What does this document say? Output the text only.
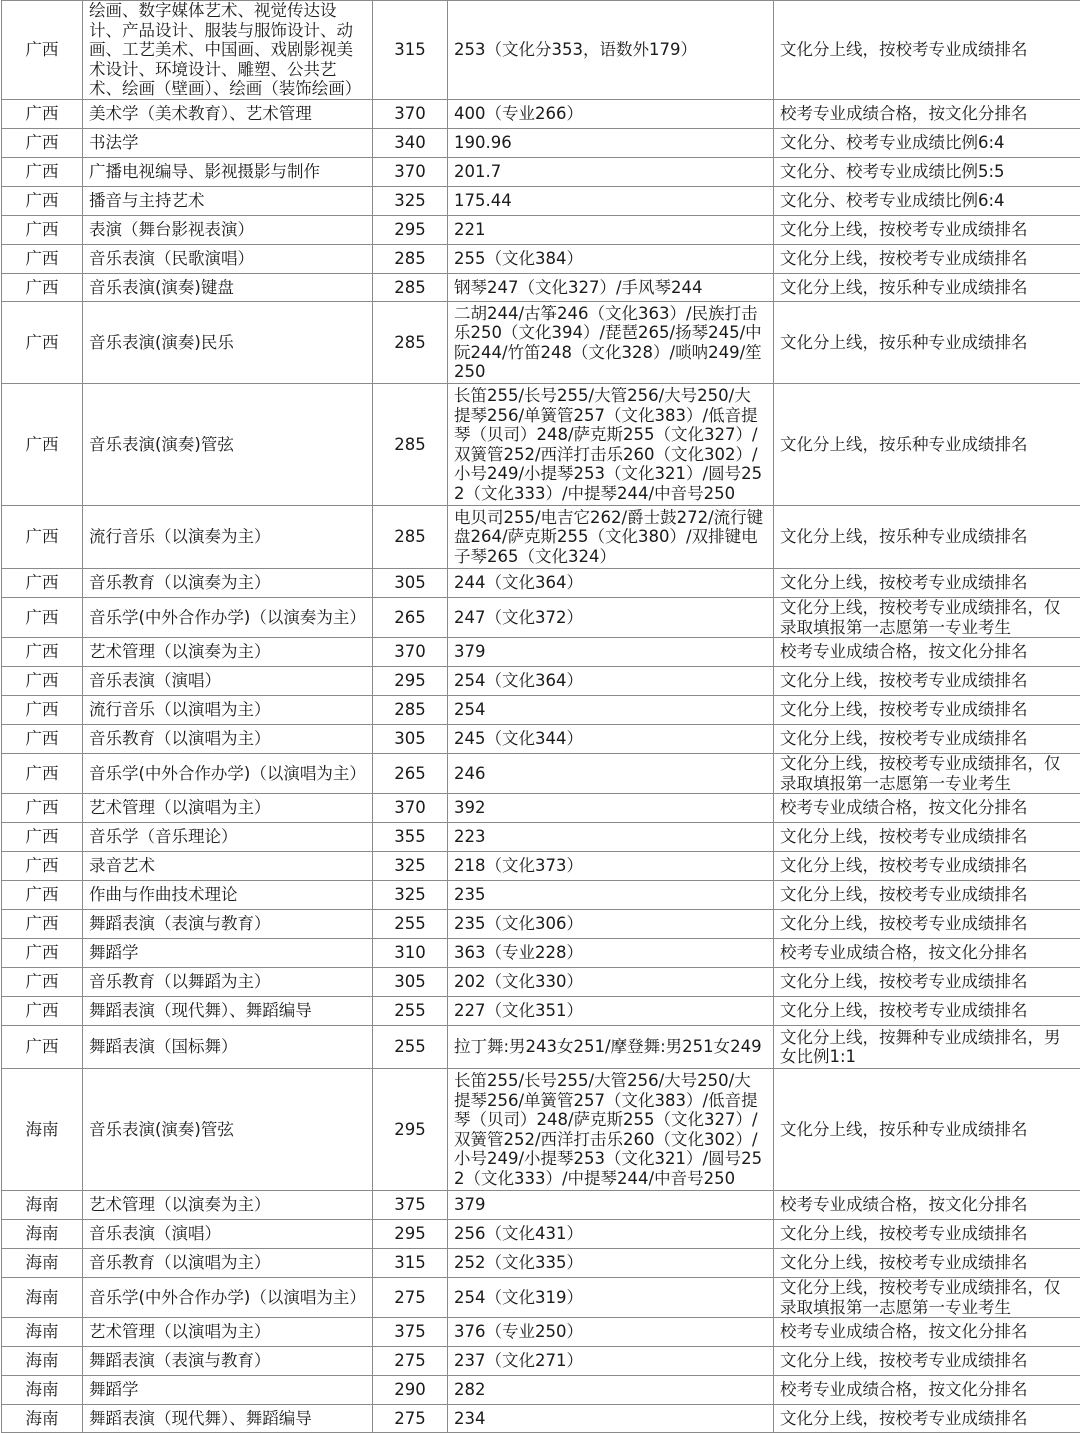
广西	绘画、数字媒体艺术、视觉传达设计、产品设计、服装与服饰设计、动画、工艺美术、中国画、戏剧影视美术设计、环境设计、雕塑、公共艺术、绘画（壁画）、绘画（装饰绘画）	315	253（文化分353，语数外179）	文化分上线，按校考专业成绩排名
广西	美术学（美术教育）、艺术管理	370	400（专业266）	校考专业成绩合格，按文化分排名
广西	书法学	340	190.96	文化分、校考专业成绩比例6:4
广西	广播电视编导、影视摄影与制作	370	201.7	文化分、校考专业成绩比例5:5
广西	播音与主持艺术	325	175.44	文化分、校考专业成绩比例6:4
广西	表演（舞台影视表演）	295	221	文化分上线，按校考专业成绩排名
广西	音乐表演（民歌演唱）	285	255（文化384）	文化分上线，按校考专业成绩排名
广西	音乐表演(演奏)键盘	285	钢琴247（文化327）/手风琴244	文化分上线，按乐种专业成绩排名
广西	音乐表演(演奏)民乐	285	二胡244/古筝246（文化363）/民族打击乐250（文化394）/琵琶265/扬琴245/中阮244/竹笛248（文化328）/唢呐249/笙250	文化分上线，按乐种专业成绩排名
广西	音乐表演(演奏)管弦	285	长笛255/长号255/大管256/大号250/大提琴256/单簧管257（文化383）/低音提琴（贝司）248/萨克斯255（文化327）/双簧管252/西洋打击乐260（文化302）/小号249/小提琴253（文化321）/圆号252（文化333）/中提琴244/中音号250	文化分上线，按乐种专业成绩排名
广西	流行音乐（以演奏为主）	285	电贝司255/电吉它262/爵士鼓272/流行键盘264/萨克斯255（文化380）/双排键电子琴265（文化324）	文化分上线，按乐种专业成绩排名
广西	音乐教育（以演奏为主）	305	244（文化364）	文化分上线，按校考专业成绩排名
广西	音乐学(中外合作办学)（以演奏为主）	265	247（文化372）	文化分上线，按校考专业成绩排名，仅录取填报第一志愿第一专业考生
广西	艺术管理（以演奏为主）	370	379	校考专业成绩合格，按文化分排名
广西	音乐表演（演唱）	295	254（文化364）	文化分上线，按校考专业成绩排名
广西	流行音乐（以演唱为主）	285	254	文化分上线，按校考专业成绩排名
广西	音乐教育（以演唱为主）	305	245（文化344）	文化分上线，按校考专业成绩排名
广西	音乐学(中外合作办学)（以演唱为主）	265	246	文化分上线，按校考专业成绩排名，仅录取填报第一志愿第一专业考生
广西	艺术管理（以演唱为主）	370	392	校考专业成绩合格，按文化分排名
广西	音乐学（音乐理论）	355	223	文化分上线，按校考专业成绩排名
广西	录音艺术	325	218（文化373）	文化分上线，按校考专业成绩排名
广西	作曲与作曲技术理论	325	235	文化分上线，按校考专业成绩排名
广西	舞蹈表演（表演与教育）	255	235（文化306）	文化分上线，按校考专业成绩排名
广西	舞蹈学	310	363（专业228）	校考专业成绩合格，按文化分排名
广西	音乐教育（以舞蹈为主）	305	202（文化330）	文化分上线，按校考专业成绩排名
广西	舞蹈表演（现代舞）、舞蹈编导	255	227（文化351）	文化分上线，按校考专业成绩排名
广西	舞蹈表演（国标舞）	255	拉丁舞:男243女251/摩登舞:男251女249	文化分上线，按舞种专业成绩排名，男女比例1:1
海南	音乐表演(演奏)管弦	295	长笛255/长号255/大管256/大号250/大提琴256/单簧管257（文化383）/低音提琴（贝司）248/萨克斯255（文化327）/双簧管252/西洋打击乐260（文化302）/小号249/小提琴253（文化321）/圆号252（文化333）/中提琴244/中音号250	文化分上线，按乐种专业成绩排名
海南	艺术管理（以演奏为主）	375	379	校考专业成绩合格，按文化分排名
海南	音乐表演（演唱）	295	256（文化431）	文化分上线，按校考专业成绩排名
海南	音乐教育（以演唱为主）	315	252（文化335）	文化分上线，按校考专业成绩排名
海南	音乐学(中外合作办学)（以演唱为主）	275	254（文化319）	文化分上线，按校考专业成绩排名，仅录取填报第一志愿第一专业考生
海南	艺术管理（以演唱为主）	375	376（专业250）	校考专业成绩合格，按文化分排名
海南	舞蹈表演（表演与教育）	275	237（文化271）	文化分上线，按校考专业成绩排名
海南	舞蹈学	290	282	校考专业成绩合格，按文化分排名
海南	舞蹈表演（现代舞）、舞蹈编导	275	234	文化分上线，按校考专业成绩排名
